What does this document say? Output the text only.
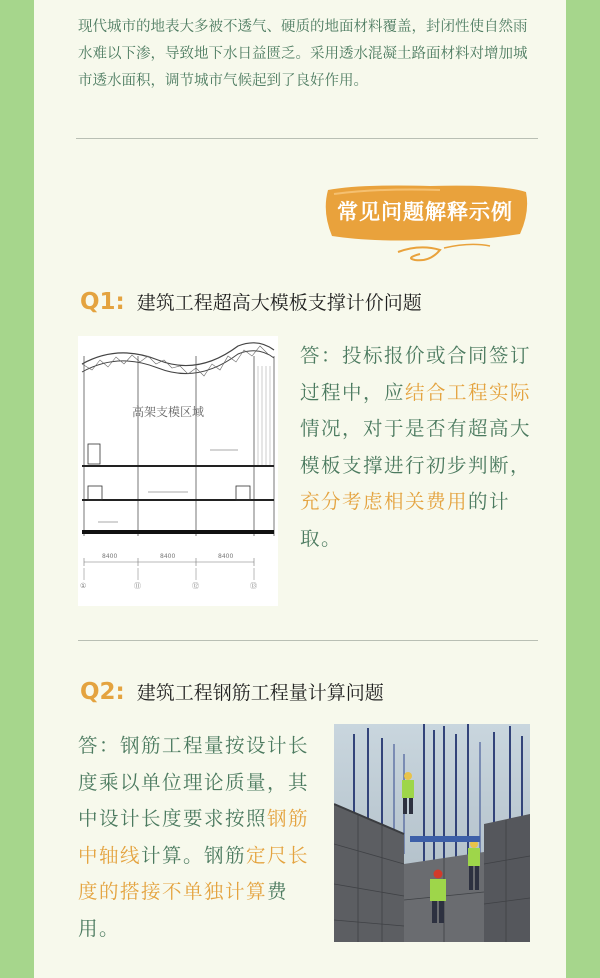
现代城市的地表大多被不透气、硬质的地面材料覆盖，封闭性使自然雨水难以下渗，导致地下水日益匮乏。采用透水混凝土路面材料对增加城市透水面积，调节城市气候起到了良好作用。

常见问题解释示例
Q1: 建筑工程超高大模板支撑计价问题
高架支模区域
8400	8400	8400
①	⑪	⑫	⑬

答：投标报价或合同签订过程中，应结合工程实际情况，对于是否有超高大模板支撑进行初步判断，充分考虑相关费用的计取。

Q2: 建筑工程钢筋工程量计算问题

答：钢筋工程量按设计长度乘以单位理论质量，其中设计长度要求按照钢筋中轴线计算。钢筋定尺长度的搭接不单独计算费用。
